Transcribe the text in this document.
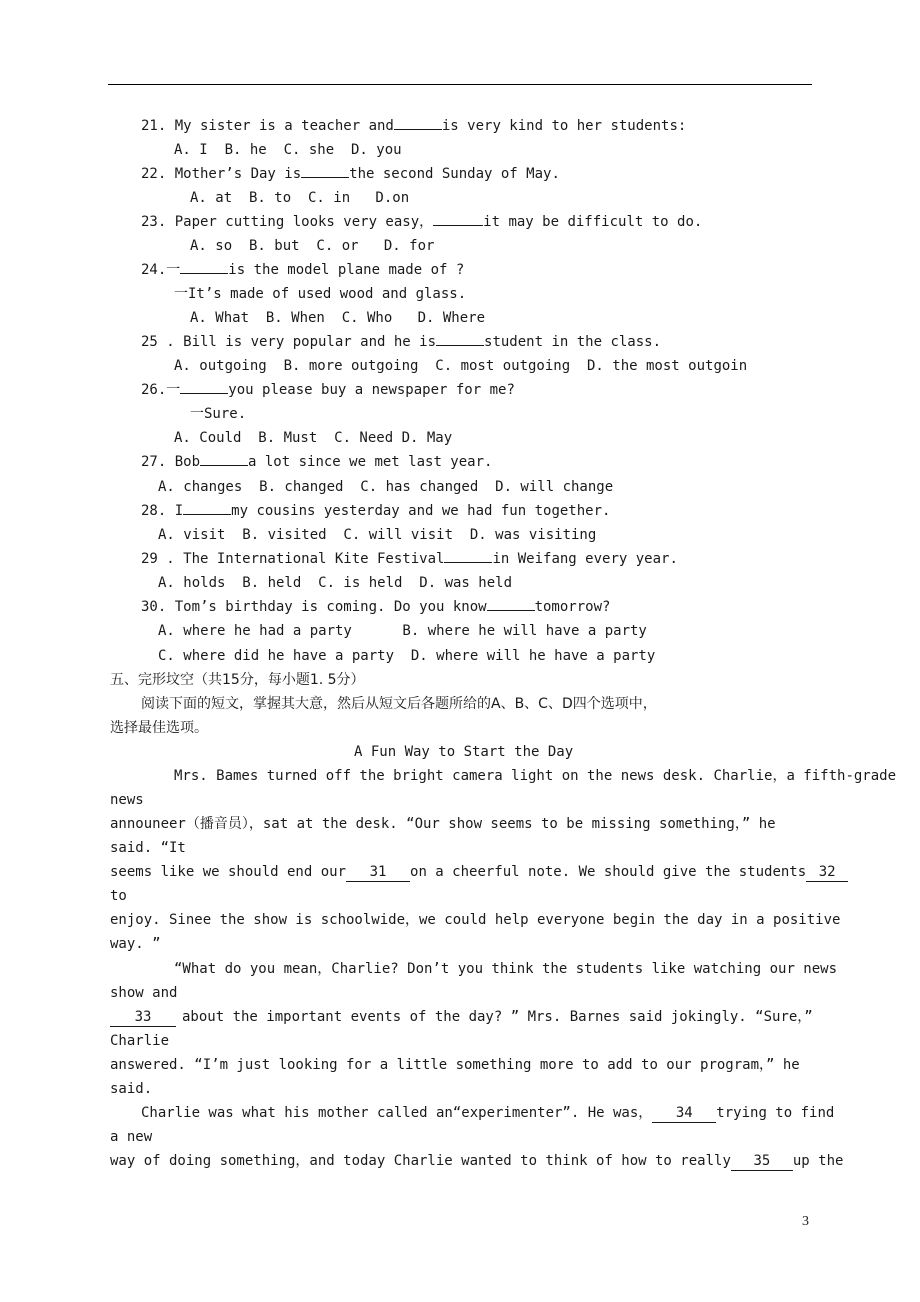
21. My sister is a teacher and	is very kind to her students:
A. I  B. he  C. she  D. you
22. Mother’s Day is	the second Sunday of May.
A. at  B. to  C. in   D.on
23. Paper cutting looks very easy，	it may be difficult to do.
A. so  B. but  C. or   D. for
24.一	is the model plane made of ?
一It’s made of used wood and glass.
A. What  B. When  C. Who   D. Where
25 . Bill is very popular and he is	student in the class.
A. outgoing  B. more outgoing  C. most outgoing  D. the most outgoin
26.一	you please buy a newspaper for me?
一Sure.
A. Could  B. Must  C. Need D. May
27. Bob	a lot since we met last year.
A. changes  B. changed  C. has changed  D. will change
28. I	my cousins yesterday and we had fun together.
A. visit  B. visited  C. will visit  D. was visiting
29 . The International Kite Festival	in Weifang every year.
A. holds  B. held  C. is held  D. was held
30. Tom’s birthday is coming. Do you know	tomorrow?
A. where he had a party      B. where he will have a party
C. where did he have a party  D. where will he have a party
五、完形坟空（共15分，每小题1. 5分）
阅读下面的短文，掌握其大意，然后从短文后各题所给的A、B、C、D四个选项中，
选择最佳选项。
A Fun Way to Start the Day
Mrs. Bames turned off the bright camera light on the news desk. Charlie，a fifth-grade
news
announeer（播音员），sat at the desk. “Our show seems to be missing something，” he
said. “It
seems like we should end our 31 on a cheerful note. We should give the students 32
to
enjoy. Sinee the show is schoolwide，we could help everyone begin the day in a positive
way. ”
“What do you mean，Charlie? Don’t you think the students like watching our news
show and
33 about the important events of the day? ” Mrs. Barnes said jokingly. “Sure，”
Charlie
answered. “I’m just looking for a little something more to add to our program，” he
said.
Charlie was what his mother called an“experimenter”. He was， 34 trying to find
a new
way of doing something，and today Charlie wanted to think of how to really 35 up the
3
